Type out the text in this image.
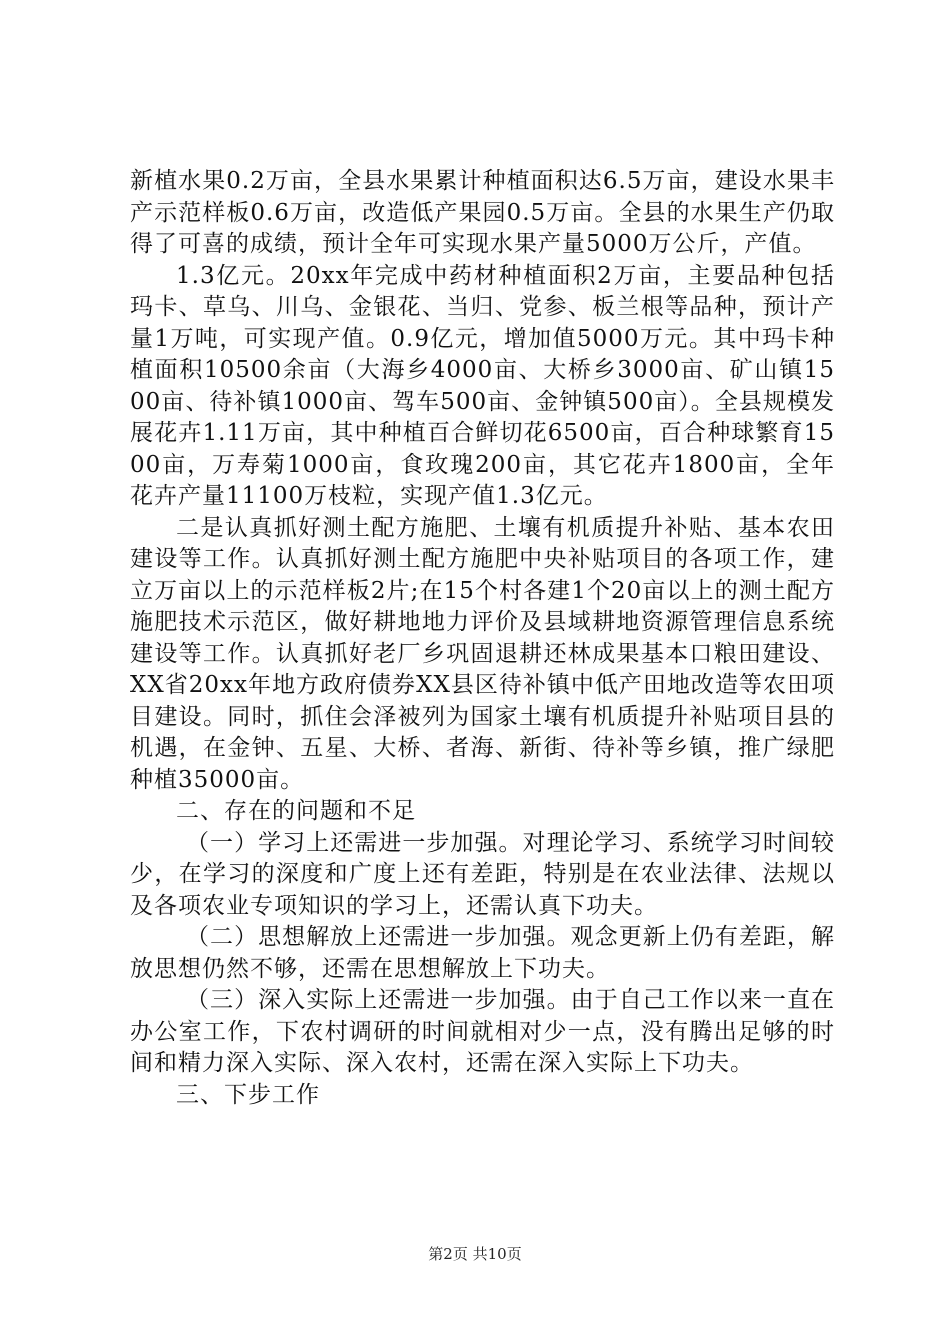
新植水果0.2万亩，全县水果累计种植面积达6.5万亩，建设水果丰产示范样板0.6万亩，改造低产果园0.5万亩。全县的水果生产仍取得了可喜的成绩，预计全年可实现水果产量5000万公斤，产值。

1.3亿元。20xx年完成中药材种植面积2万亩，主要品种包括玛卡、草乌、川乌、金银花、当归、党参、板兰根等品种，预计产量1万吨，可实现产值。0.9亿元，增加值5000万元。其中玛卡种植面积10500余亩（大海乡4000亩、大桥乡3000亩、矿山镇1500亩、待补镇1000亩、驾车500亩、金钟镇500亩）。全县规模发展花卉1.11万亩，其中种植百合鲜切花6500亩，百合种球繁育1500亩，万寿菊1000亩，食玫瑰200亩，其它花卉1800亩，全年花卉产量11100万枝粒，实现产值1.3亿元。

二是认真抓好测土配方施肥、土壤有机质提升补贴、基本农田建设等工作。认真抓好测土配方施肥中央补贴项目的各项工作，建立万亩以上的示范样板2片;在15个村各建1个20亩以上的测土配方施肥技术示范区，做好耕地地力评价及县域耕地资源管理信息系统建设等工作。认真抓好老厂乡巩固退耕还林成果基本口粮田建设、XX省20xx年地方政府债券XX县区待补镇中低产田地改造等农田项目建设。同时，抓住会泽被列为国家土壤有机质提升补贴项目县的机遇，在金钟、五星、大桥、者海、新街、待补等乡镇，推广绿肥种植35000亩。

二、存在的问题和不足

（一）学习上还需进一步加强。对理论学习、系统学习时间较少，在学习的深度和广度上还有差距，特别是在农业法律、法规以及各项农业专项知识的学习上，还需认真下功夫。

（二）思想解放上还需进一步加强。观念更新上仍有差距，解放思想仍然不够，还需在思想解放上下功夫。

（三）深入实际上还需进一步加强。由于自己工作以来一直在办公室工作，下农村调研的时间就相对少一点，没有腾出足够的时间和精力深入实际、深入农村，还需在深入实际上下功夫。

三、下步工作

第2页 共10页
